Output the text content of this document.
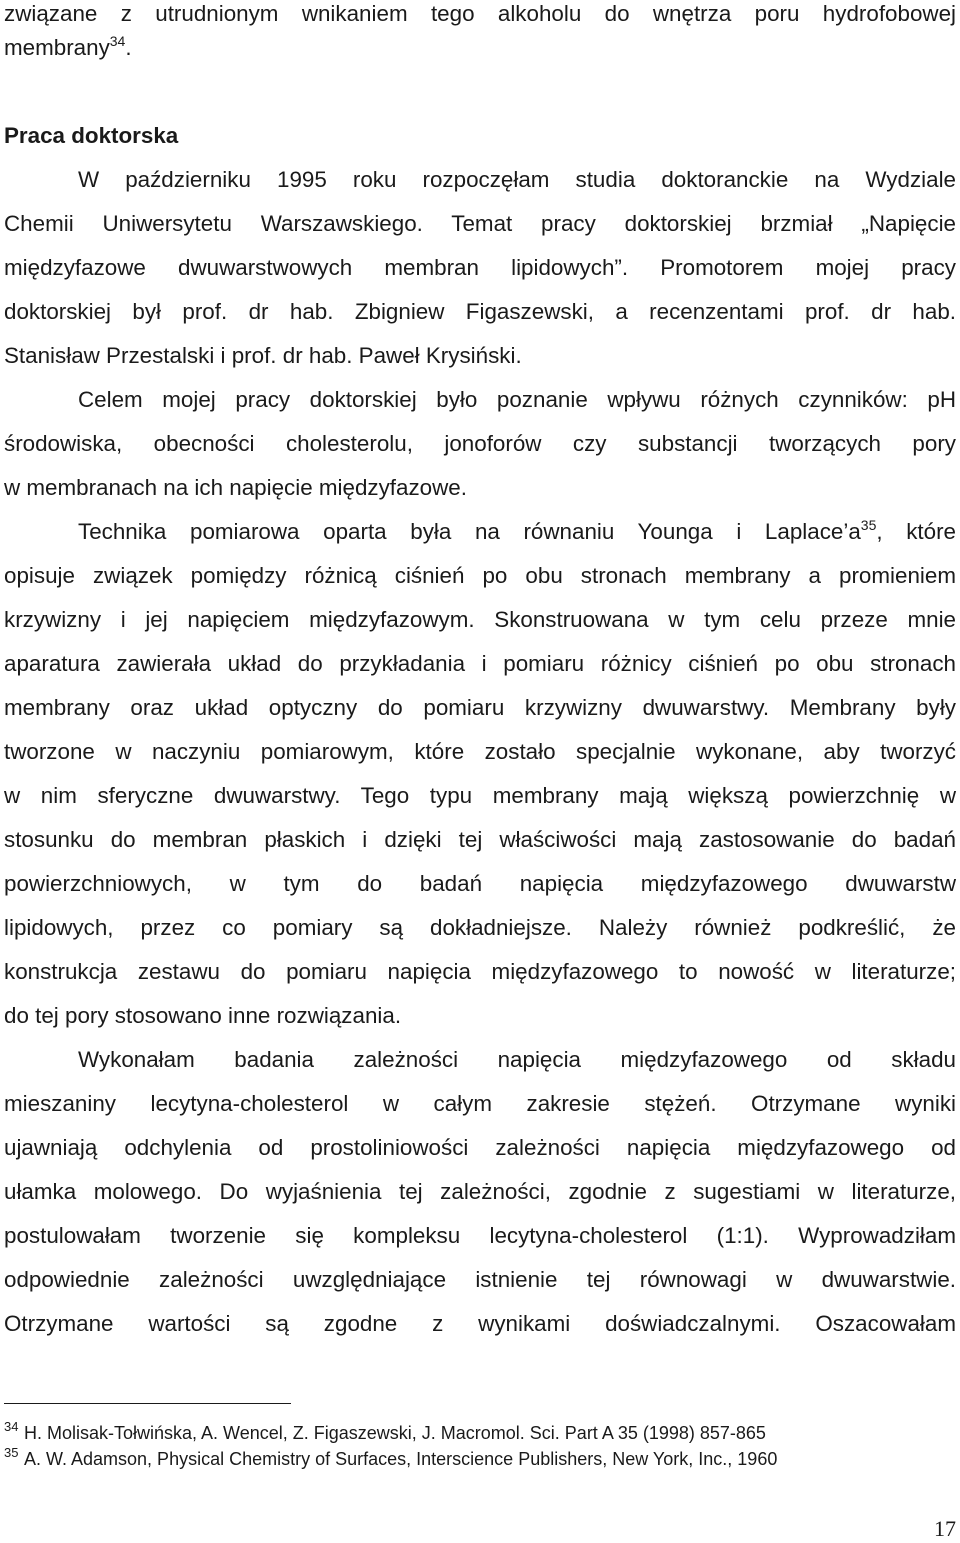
związane z utrudnionym wnikaniem tego alkoholu do wnętrza poru hydrofobowej
membrany$^{34}$.
Praca doktorska
W październiku 1995 roku rozpoczęłam studia doktoranckie na Wydziale
Chemii Uniwersytetu Warszawskiego. Temat pracy doktorskiej brzmiał „Napięcie
międzyfazowe dwuwarstwowych membran lipidowych”. Promotorem mojej pracy
doktorskiej był prof. dr hab. Zbigniew Figaszewski, a recenzentami prof. dr hab.
Stanisław Przestalski i prof. dr hab. Paweł Krysiński.
Celem mojej pracy doktorskiej było poznanie wpływu różnych czynników: pH
środowiska, obecności cholesterolu, jonoforów czy substancji tworzących pory
w membranach na ich napięcie międzyfazowe.
Technika pomiarowa oparta była na równaniu Younga i $Laplace’a^{35}$, które
opisuje związek pomiędzy różnicą ciśnień po obu stronach membrany a promieniem
krzywizny i jej napięciem międzyfazowym. Skonstruowana w tym celu przeze mnie
aparatura zawierała układ do przykładania i pomiaru różnicy ciśnień po obu stronach
membrany oraz układ optyczny do pomiaru krzywizny dwuwarstwy. Membrany były
tworzone w naczyniu pomiarowym, które zostało specjalnie wykonane, aby tworzyć
w nim sferyczne dwuwarstwy. Tego typu membrany mają większą powierzchnię w
stosunku do membran płaskich i dzięki tej właściwości mają zastosowanie do badań
powierzchniowych, w tym do badań napięcia międzyfazowego dwuwarstw
lipidowych, przez co pomiary są dokładniejsze. Należy również podkreślić, że
konstrukcja zestawu do pomiaru napięcia międzyfazowego to nowość w literaturze;
do tej pory stosowano inne rozwiązania.
Wykonałam badania zależności napięcia międzyfazowego od składu
mieszaniny lecytyna-cholesterol w całym zakresie stężeń. Otrzymane wyniki
ujawniają odchylenia od prostoliniowości zależności napięcia międzyfazowego od
ułamka molowego. Do wyjaśnienia tej zależności, zgodnie z sugestiami w literaturze,
postulowałam tworzenie się kompleksu lecytyna-cholesterol (1:1). Wyprowadziłam
odpowiednie zależności uwzględniające istnienie tej równowagi w dwuwarstwie.
Otrzymane wartości są zgodne z wynikami doświadczalnymi. Oszacowałam
$^{34}$ H. Molisak-Tołwińska, A. Wencel, Z. Figaszewski, J. Macromol. Sci. Part A 35 (1998) 857-865
$^{35}$ A. W. Adamson, Physical Chemistry of Surfaces, Interscience Publishers, New York, Inc., 1960
17
